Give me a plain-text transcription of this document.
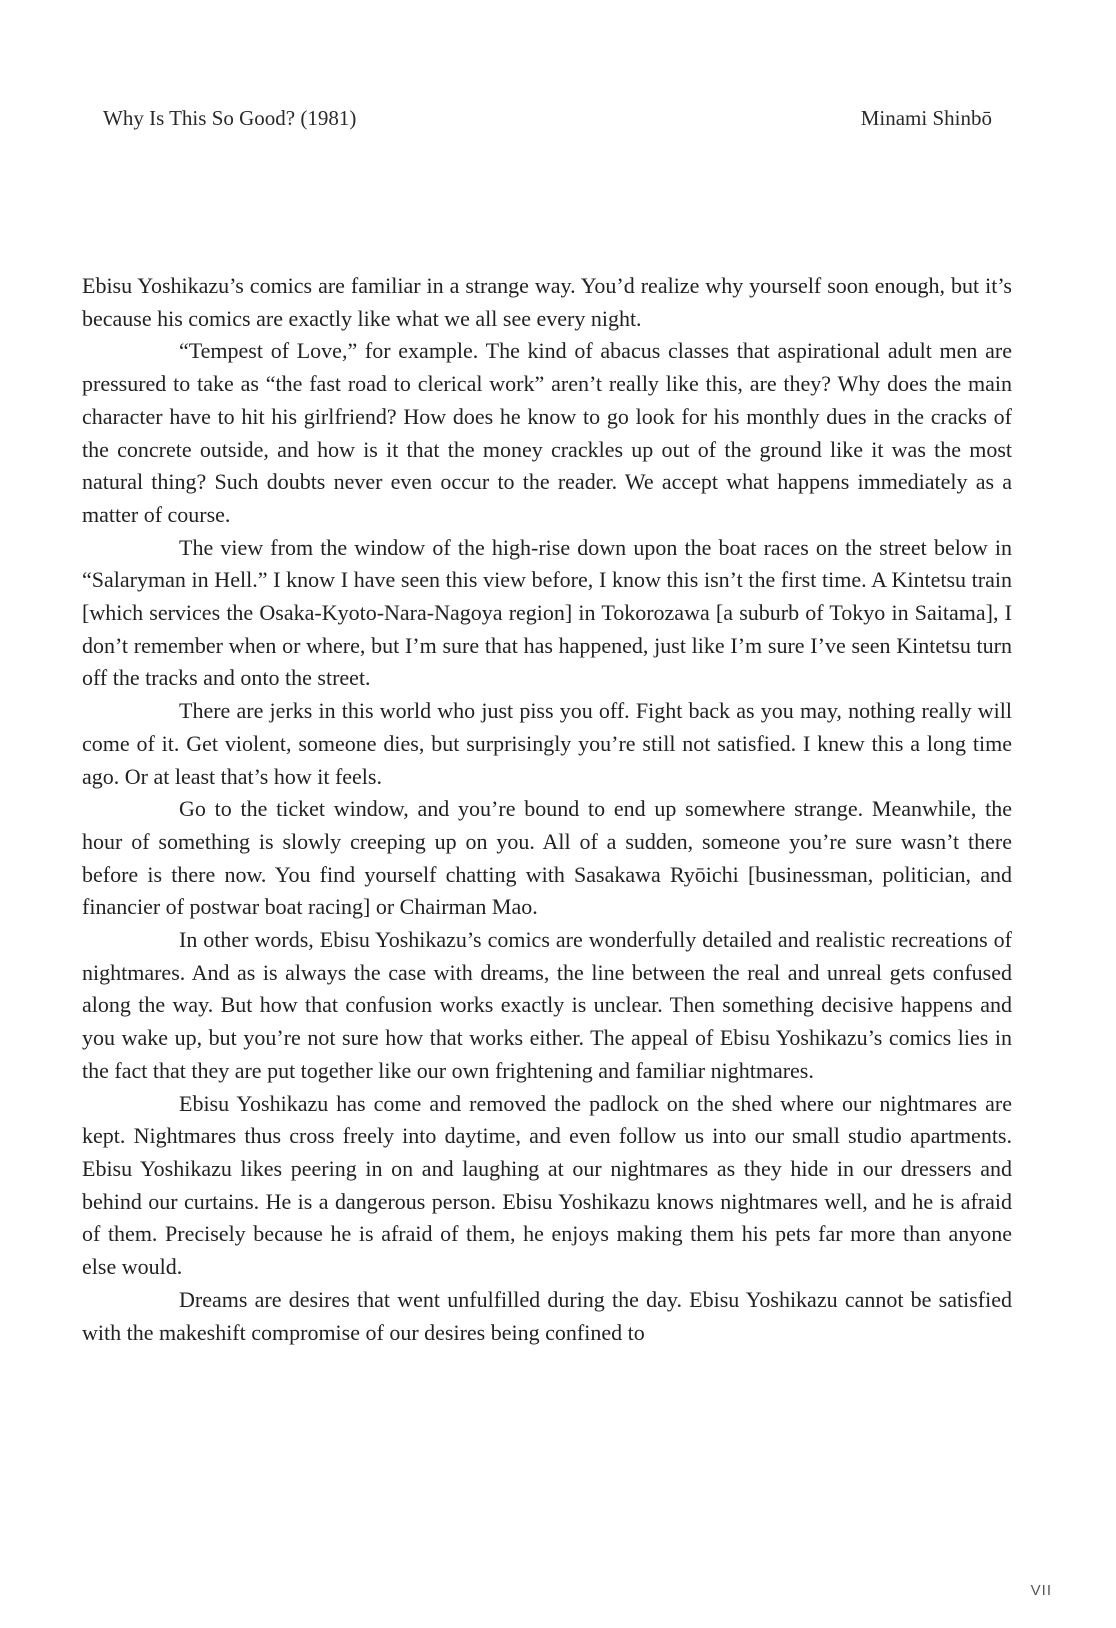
Why Is This So Good? (1981)	Minami Shinbō

Ebisu Yoshikazu’s comics are familiar in a strange way. You’d realize why yourself soon enough, but it’s because his comics are exactly like what we all see every night.

“Tempest of Love,” for example. The kind of abacus classes that aspirational adult men are pressured to take as “the fast road to clerical work” aren’t really like this, are they? Why does the main character have to hit his girlfriend? How does he know to go look for his monthly dues in the cracks of the concrete outside, and how is it that the money crackles up out of the ground like it was the most natural thing? Such doubts never even occur to the reader. We accept what happens immediately as a matter of course.

The view from the window of the high-rise down upon the boat races on the street below in “Salaryman in Hell.” I know I have seen this view before, I know this isn’t the first time. A Kintetsu train [which services the Osaka-Kyoto-Nara-Nagoya region] in Tokorozawa [a suburb of Tokyo in Saitama], I don’t remember when or where, but I’m sure that has happened, just like I’m sure I’ve seen Kintetsu turn off the tracks and onto the street.

There are jerks in this world who just piss you off. Fight back as you may, nothing really will come of it. Get violent, someone dies, but surprisingly you’re still not satisfied. I knew this a long time ago. Or at least that’s how it feels.

Go to the ticket window, and you’re bound to end up somewhere strange. Meanwhile, the hour of something is slowly creeping up on you. All of a sudden, someone you’re sure wasn’t there before is there now. You find yourself chatting with Sasakawa Ryōichi [businessman, politician, and financier of postwar boat racing] or Chairman Mao.

In other words, Ebisu Yoshikazu’s comics are wonderfully detailed and realistic recreations of nightmares. And as is always the case with dreams, the line between the real and unreal gets confused along the way. But how that confusion works exactly is unclear. Then something decisive happens and you wake up, but you’re not sure how that works either. The appeal of Ebisu Yoshikazu’s comics lies in the fact that they are put together like our own frightening and familiar nightmares.

Ebisu Yoshikazu has come and removed the padlock on the shed where our nightmares are kept. Nightmares thus cross freely into daytime, and even follow us into our small studio apartments. Ebisu Yoshikazu likes peering in on and laughing at our nightmares as they hide in our dressers and behind our curtains. He is a dangerous person. Ebisu Yoshikazu knows nightmares well, and he is afraid of them. Precisely because he is afraid of them, he enjoys making them his pets far more than anyone else would.

Dreams are desires that went unfulfilled during the day. Ebisu Yoshikazu cannot be satisfied with the makeshift compromise of our desires being confined to

VII
